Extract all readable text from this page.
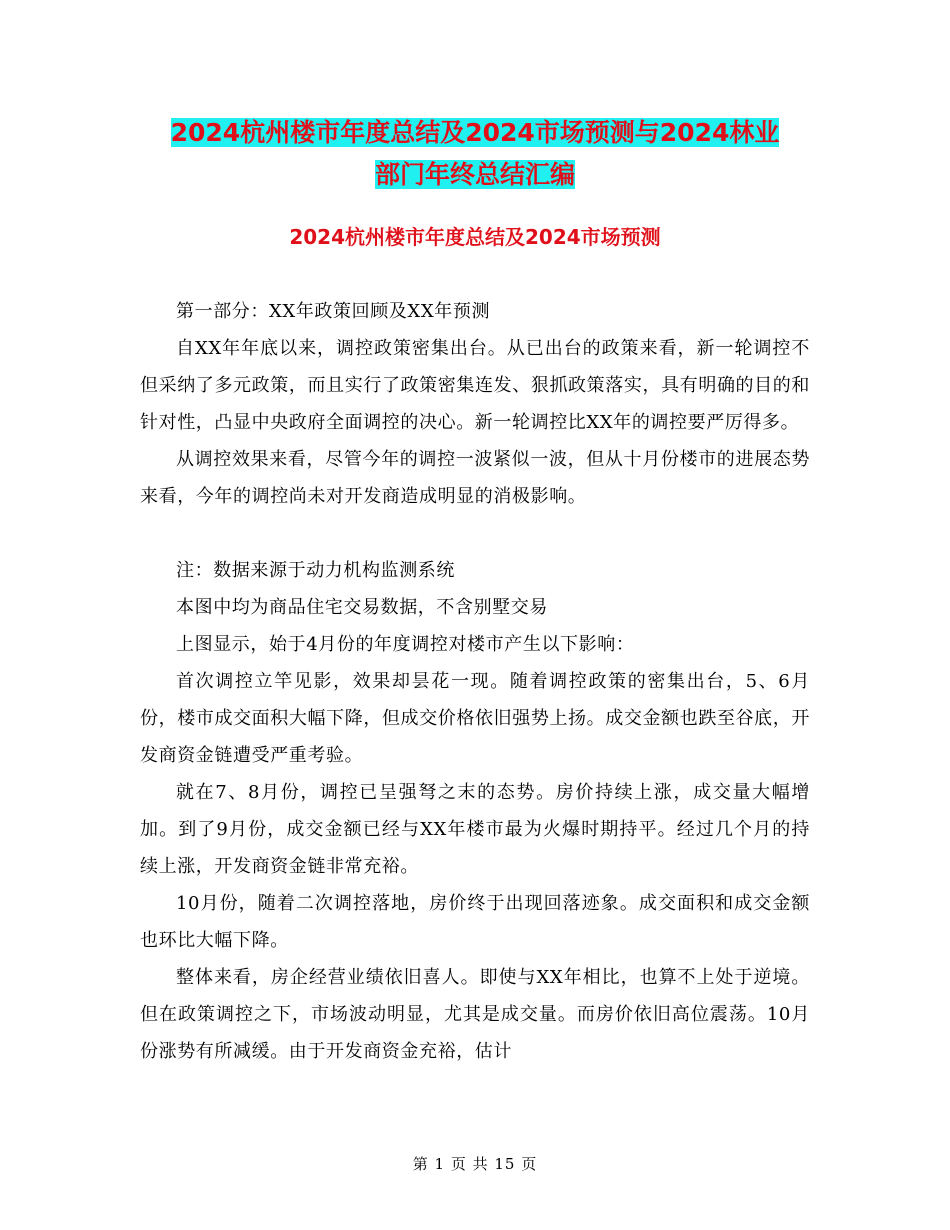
2024杭州楼市年度总结及2024市场预测与2024林业
部门年终总结汇编
2024杭州楼市年度总结及2024市场预测

第一部分：XX年政策回顾及XX年预测

自XX年年底以来，调控政策密集出台。从已出台的政策来看，新一轮调控不但采纳了多元政策，而且实行了政策密集连发、狠抓政策落实，具有明确的目的和针对性，凸显中央政府全面调控的决心。新一轮调控比XX年的调控要严厉得多。

从调控效果来看，尽管今年的调控一波紧似一波，但从十月份楼市的进展态势来看，今年的调控尚未对开发商造成明显的消极影响。

注：数据来源于动力机构监测系统

本图中均为商品住宅交易数据，不含别墅交易

上图显示，始于4月份的年度调控对楼市产生以下影响：

首次调控立竿见影，效果却昙花一现。随着调控政策的密集出台，5、6月份，楼市成交面积大幅下降，但成交价格依旧强势上扬。成交金额也跌至谷底，开发商资金链遭受严重考验。

就在7、8月份，调控已呈强弩之末的态势。房价持续上涨，成交量大幅增加。到了9月份，成交金额已经与XX年楼市最为火爆时期持平。经过几个月的持续上涨，开发商资金链非常充裕。

10月份，随着二次调控落地，房价终于出现回落迹象。成交面积和成交金额也环比大幅下降。

整体来看，房企经营业绩依旧喜人。即使与XX年相比，也算不上处于逆境。但在政策调控之下，市场波动明显，尤其是成交量。而房价依旧高位震荡。10月份涨势有所减缓。由于开发商资金充裕，估计

第 1 页 共 15 页
